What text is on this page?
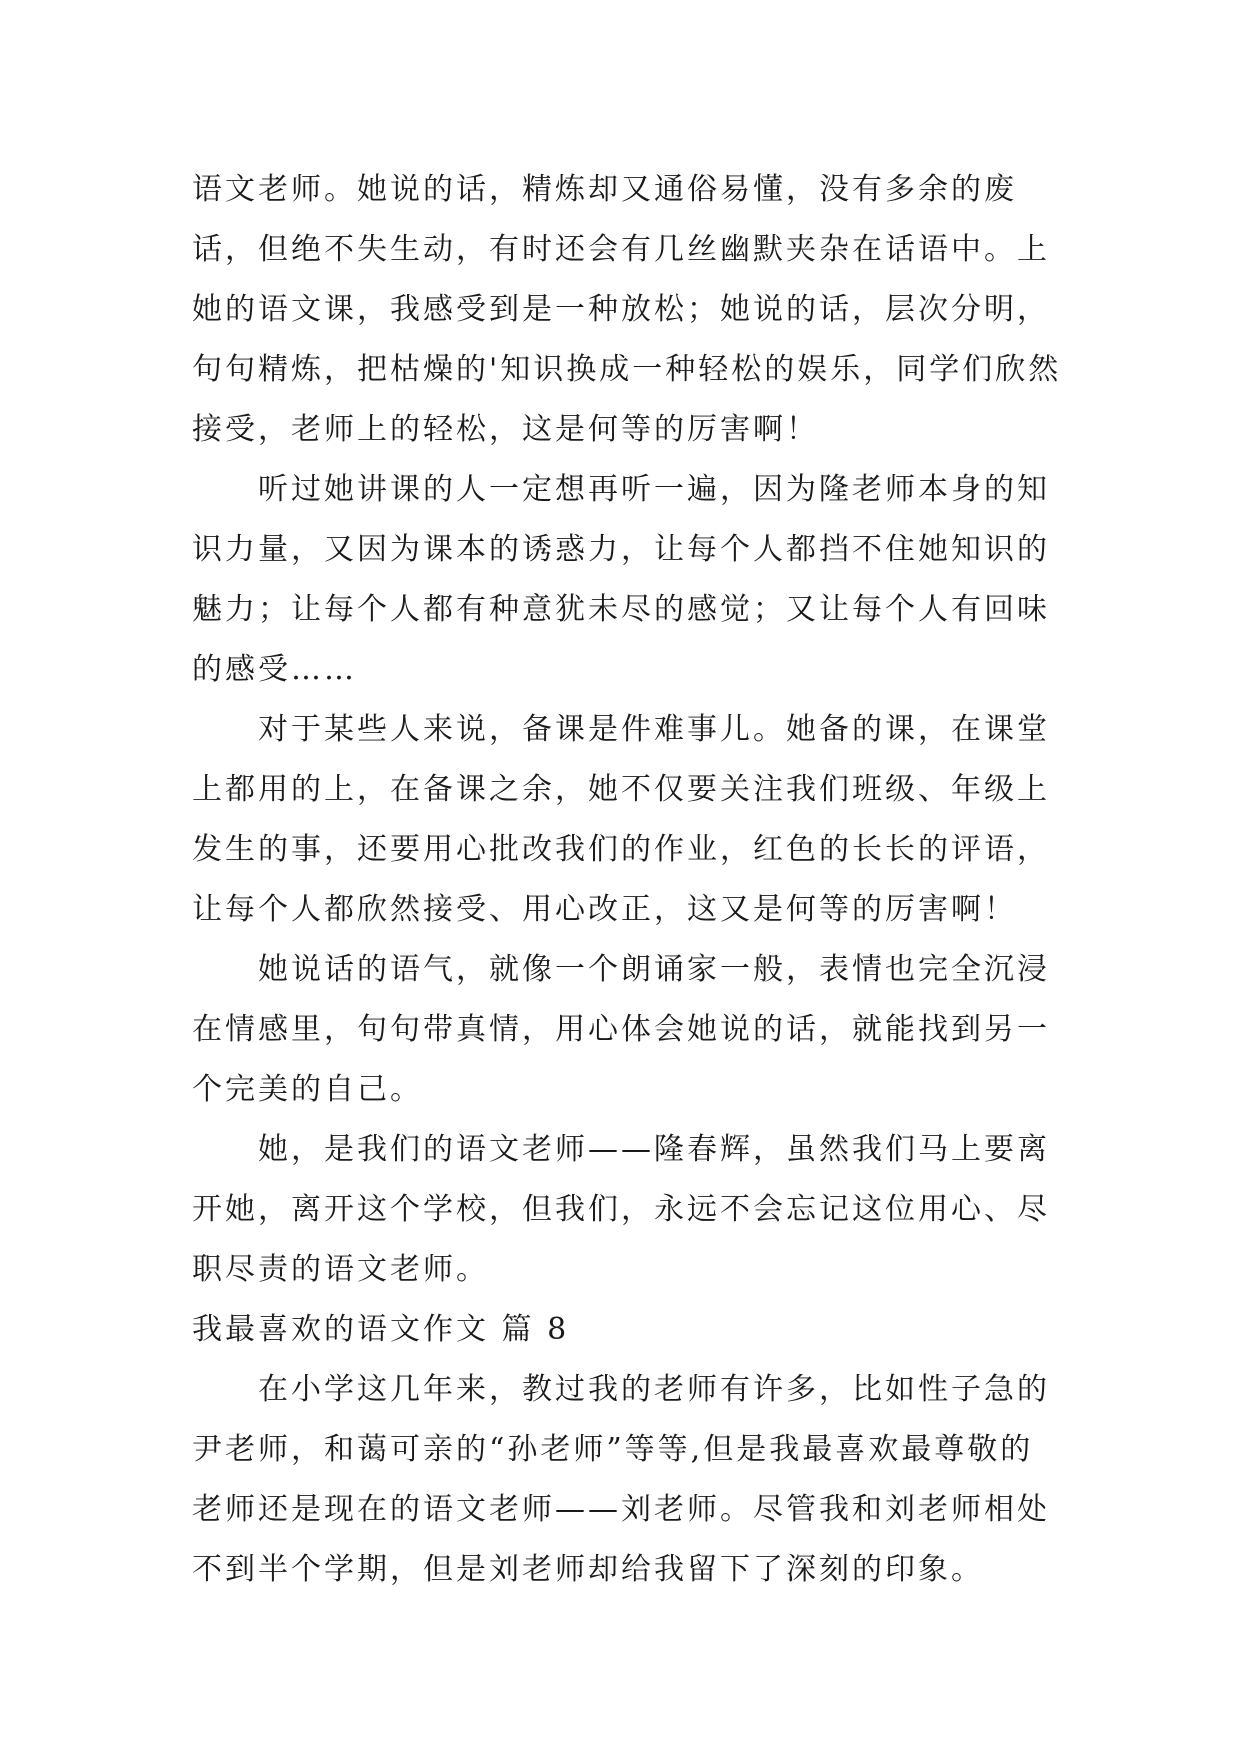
语文老师。她说的话，精炼却又通俗易懂，没有多余的废话，但绝不失生动，有时还会有几丝幽默夹杂在话语中。上她的语文课，我感受到是一种放松；她说的话，层次分明，句句精炼，把枯燥的'知识换成一种轻松的娱乐，同学们欣然接受，老师上的轻松，这是何等的厉害啊！

听过她讲课的人一定想再听一遍，因为隆老师本身的知识力量，又因为课本的诱惑力，让每个人都挡不住她知识的魅力；让每个人都有种意犹未尽的感觉；又让每个人有回味的感受……

对于某些人来说，备课是件难事儿。她备的课，在课堂上都用的上，在备课之余，她不仅要关注我们班级、年级上发生的事，还要用心批改我们的作业，红色的长长的评语，让每个人都欣然接受、用心改正，这又是何等的厉害啊！

她说话的语气，就像一个朗诵家一般，表情也完全沉浸在情感里，句句带真情，用心体会她说的话，就能找到另一个完美的自己。

她，是我们的语文老师——隆春辉，虽然我们马上要离开她，离开这个学校，但我们，永远不会忘记这位用心、尽职尽责的语文老师。

我最喜欢的语文作文 篇 8

在小学这几年来，教过我的老师有许多，比如性子急的尹老师，和蔼可亲的“孙老师”等等,但是我最喜欢最尊敬的老师还是现在的语文老师——刘老师。尽管我和刘老师相处不到半个学期，但是刘老师却给我留下了深刻的印象。
